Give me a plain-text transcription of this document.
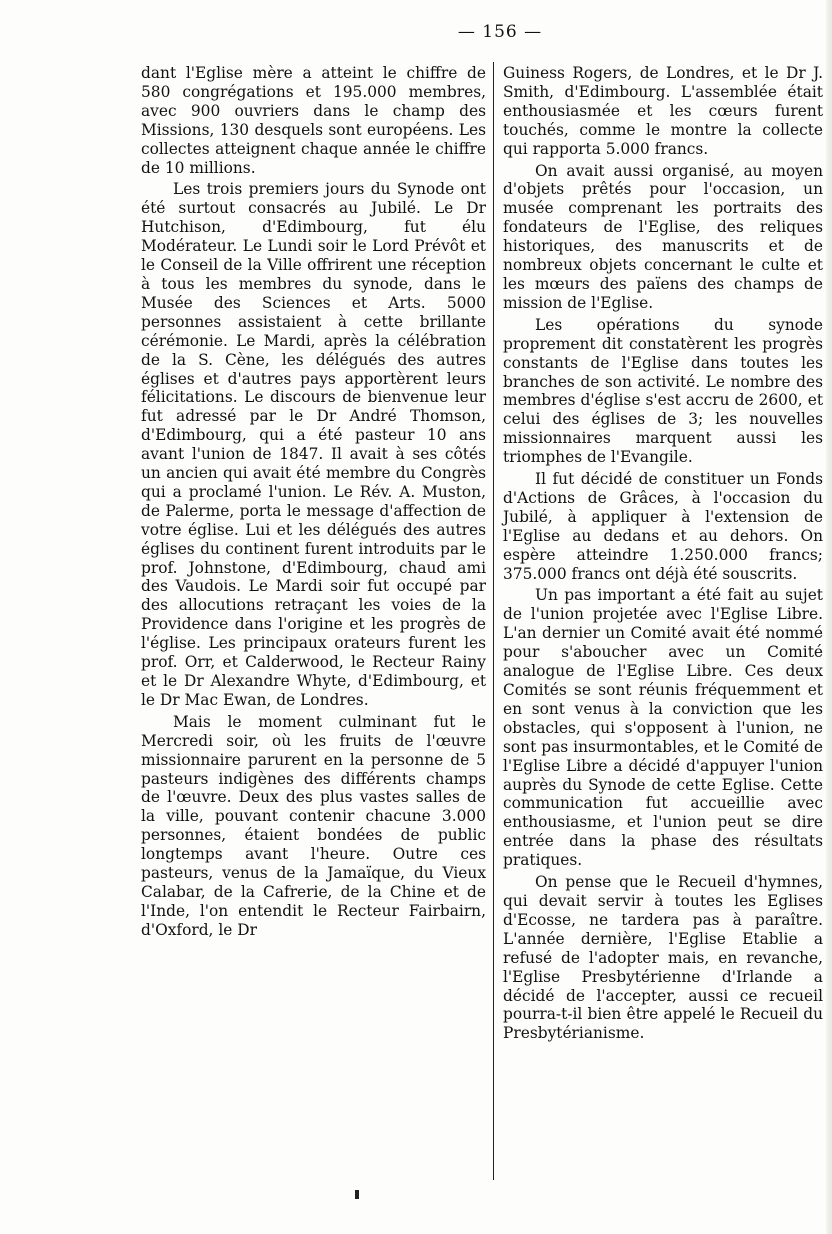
— 156 —

dant l'Eglise mère a atteint le chiffre de 580 congrégations et 195.000 membres, avec 900 ouvriers dans le champ des Missions, 130 desquels sont européens. Les collectes atteignent chaque année le chiffre de 10 millions.

Les trois premiers jours du Synode ont été surtout consacrés au Jubilé. Le Dr Hutchison, d'Edimbourg, fut élu Modérateur. Le Lundi soir le Lord Prévôt et le Conseil de la Ville offrirent une réception à tous les membres du synode, dans le Musée des Sciences et Arts. 5000 personnes assistaient à cette brillante cérémonie. Le Mardi, après la célébration de la S. Cène, les délégués des autres églises et d'autres pays apportèrent leurs félicitations. Le discours de bienvenue leur fut adressé par le Dr André Thomson, d'Edimbourg, qui a été pasteur 10 ans avant l'union de 1847. Il avait à ses côtés un ancien qui avait été membre du Congrès qui a proclamé l'union. Le Rév. A. Muston, de Palerme, porta le message d'affection de votre église. Lui et les délégués des autres églises du continent furent introduits par le prof. Johnstone, d'Edimbourg, chaud ami des Vaudois. Le Mardi soir fut occupé par des allocutions retraçant les voies de la Providence dans l'origine et les progrès de l'église. Les principaux orateurs furent les prof. Orr, et Calderwood, le Recteur Rainy et le Dr Alexandre Whyte, d'Edimbourg, et le Dr Mac Ewan, de Londres.

Mais le moment culminant fut le Mercredi soir, où les fruits de l'œuvre missionnaire parurent en la personne de 5 pasteurs indigènes des différents champs de l'œuvre. Deux des plus vastes salles de la ville, pouvant contenir chacune 3.000 personnes, étaient bondées de public longtemps avant l'heure. Outre ces pasteurs, venus de la Jamaïque, du Vieux Calabar, de la Cafrerie, de la Chine et de l'Inde, l'on entendit le Recteur Fairbairn, d'Oxford, le Dr

Guiness Rogers, de Londres, et le Dr J. Smith, d'Edimbourg. L'assemblée était enthousiasmée et les cœurs furent touchés, comme le montre la collecte qui rapporta 5.000 francs.

On avait aussi organisé, au moyen d'objets prêtés pour l'occasion, un musée comprenant les portraits des fondateurs de l'Eglise, des reliques historiques, des manuscrits et de nombreux objets concernant le culte et les mœurs des païens des champs de mission de l'Eglise.

Les opérations du synode proprement dit constatèrent les progrès constants de l'Eglise dans toutes les branches de son activité. Le nombre des membres d'église s'est accru de 2600, et celui des églises de 3; les nouvelles missionnaires marquent aussi les triomphes de l'Evangile.

Il fut décidé de constituer un Fonds d'Actions de Grâces, à l'occasion du Jubilé, à appliquer à l'extension de l'Eglise au dedans et au dehors. On espère atteindre 1.250.000 francs; 375.000 francs ont déjà été souscrits.

Un pas important a été fait au sujet de l'union projetée avec l'Eglise Libre. L'an dernier un Comité avait été nommé pour s'aboucher avec un Comité analogue de l'Eglise Libre. Ces deux Comités se sont réunis fréquemment et en sont venus à la conviction que les obstacles, qui s'opposent à l'union, ne sont pas insurmontables, et le Comité de l'Eglise Libre a décidé d'appuyer l'union auprès du Synode de cette Eglise. Cette communication fut accueillie avec enthousiasme, et l'union peut se dire entrée dans la phase des résultats pratiques.

On pense que le Recueil d'hymnes, qui devait servir à toutes les Eglises d'Ecosse, ne tardera pas à paraître. L'année dernière, l'Eglise Etablie a refusé de l'adopter mais, en revanche, l'Eglise Presbytérienne d'Irlande a décidé de l'accepter, aussi ce recueil pourra-t-il bien être appelé le Recueil du Presbytérianisme.
